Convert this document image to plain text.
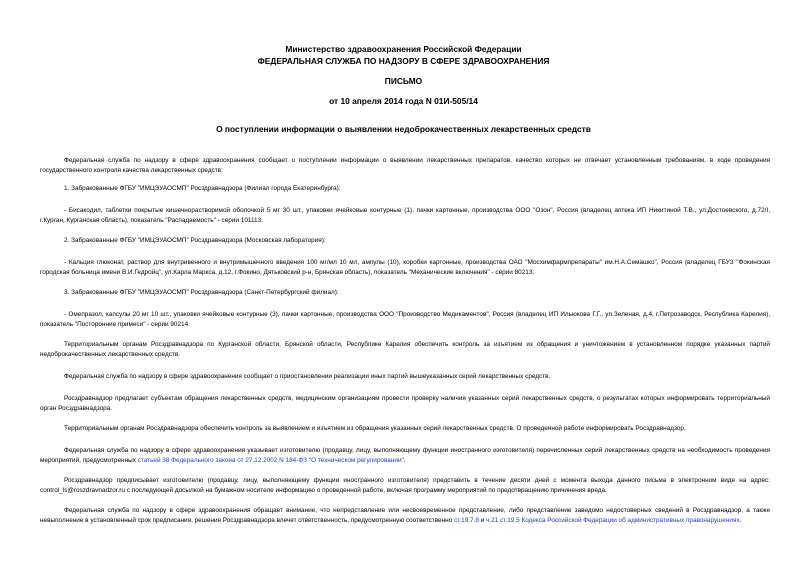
Министерство здравоохранения Российской Федерации
ФЕДЕРАЛЬНАЯ СЛУЖБА ПО НАДЗОРУ В СФЕРЕ ЗДРАВООХРАНЕНИЯ
ПИСЬМО
от 10 апреля 2014 года N 01И-505/14
О поступлении информации о выявлении недоброкачественных лекарственных средств
Федеральная служба по надзору в сфере здравоохранения сообщает о поступлении информации о выявлении лекарственных препаратов, качество которых не отвечает установленным требованиям, в ходе проведения государственного контроля качества лекарственных средств:
1. Забракованные ФГБУ "ИМЦЭУАОСМП" Росздравнадзора (Филиал города Екатеринбурга):
- Бисакодил, таблетки покрытые кишечнорастворимой оболочкой 5 мг 30 шт., упаковки ячейковые контурные (1), пачки картонные, производства ООО "Озон", Россия (владелец аптека ИП Никитиной Т.В., ул.Достоевского, д.72/I, г.Курган, Курганская область), показатель "Распадаемость" - серии 101113.
2. Забракованные ФГБУ "ИМЦЭУАОСМП" Росздравнадзора (Московская лаборатория):
- Кальция глюконат, раствор для внутривенного и внутримышечного введения 100 мг/мл 10 мл, ампулы (10), коробки картонные, производства ОАО "Мосхимфармпрепараты" им.Н.А.Семашко", Россия (владелец ГБУЗ "Фокинская городская больница имени В.И.Гедройц", ул.Карла Маркса, д.12, г.Фокино, Дятьковский р-н, Брянская область), показатель "Механические включения" - серии 80213.
3. Забракованные ФГБУ "ИМЦЭУАОСМП" Росздравнадзора (Санкт-Петербургский филиал):
- Омепразол, капсулы 20 мг 10 шт., упаковки ячейковые контурные (3), пачки картонные, производства ООО "Производство Медикаментов", Россия (владелец ИП Ильюкова Г.Г., ул.Зеленая, д.4, г.Петрозаводск, Республика Карелия), показатель "Посторонние примеси" - серии 90214.
Территориальным органам Росздравнадзора по Курганской области, Брянской области, Республике Карелия обеспечить контроль за изъятием из обращения и уничтожением в установленном порядке указанных партий недоброкачественных лекарственных средств.
Федеральная служба по надзору в сфере здравоохранения сообщает о приостановлении реализации иных партий вышеуказанных серий лекарственных средств.
Росздравнадзор предлагает субъектам обращения лекарственных средств, медицинским организациям провести проверку наличия указанных серий лекарственных средств, о результатах которых информировать территориальный орган Росздравнадзора.
Территориальным органам Росздравнадзора обеспечить контроль за выявлением и изъятием из обращения указанных серий лекарственных средств. О проведенной работе информировать Росздравнадзор.
Федеральная служба по надзору в сфере здравоохранения указывает изготовителю (продавцу, лицу, выполняющему функции иностранного изготовителя) перечисленных серий лекарственных средств на необходимость проведения мероприятий, предусмотренных статьей 38 Федерального закона от 27.12.2002 N 184-ФЗ "О техническом регулировании".
Росздравнадзор предписывает изготовителю (продавцу, лицу, выполняющему функции иностранного изготовителя) представить в течение десяти дней с момента выхода данного письма в электронном виде на адрес: control_ls@roszdravnadzor.ru с последующей досылкой на бумажном носителе информацию о проведенной работе, включая программу мероприятий по предотвращению причинения вреда.
Федеральная служба по надзору в сфере здравоохранения обращает внимание, что непредставление или несвоевременное представление, либо представление заведомо недостоверных сведений в Росздравнадзор, а также невыполнение в установленный срок предписания, решения Росздравнадзора влечет ответственность, предусмотренную соответственно ст.19.7.8 и ч.21 ст.19.5 Кодекса Российской Федерации об административных правонарушениях.
